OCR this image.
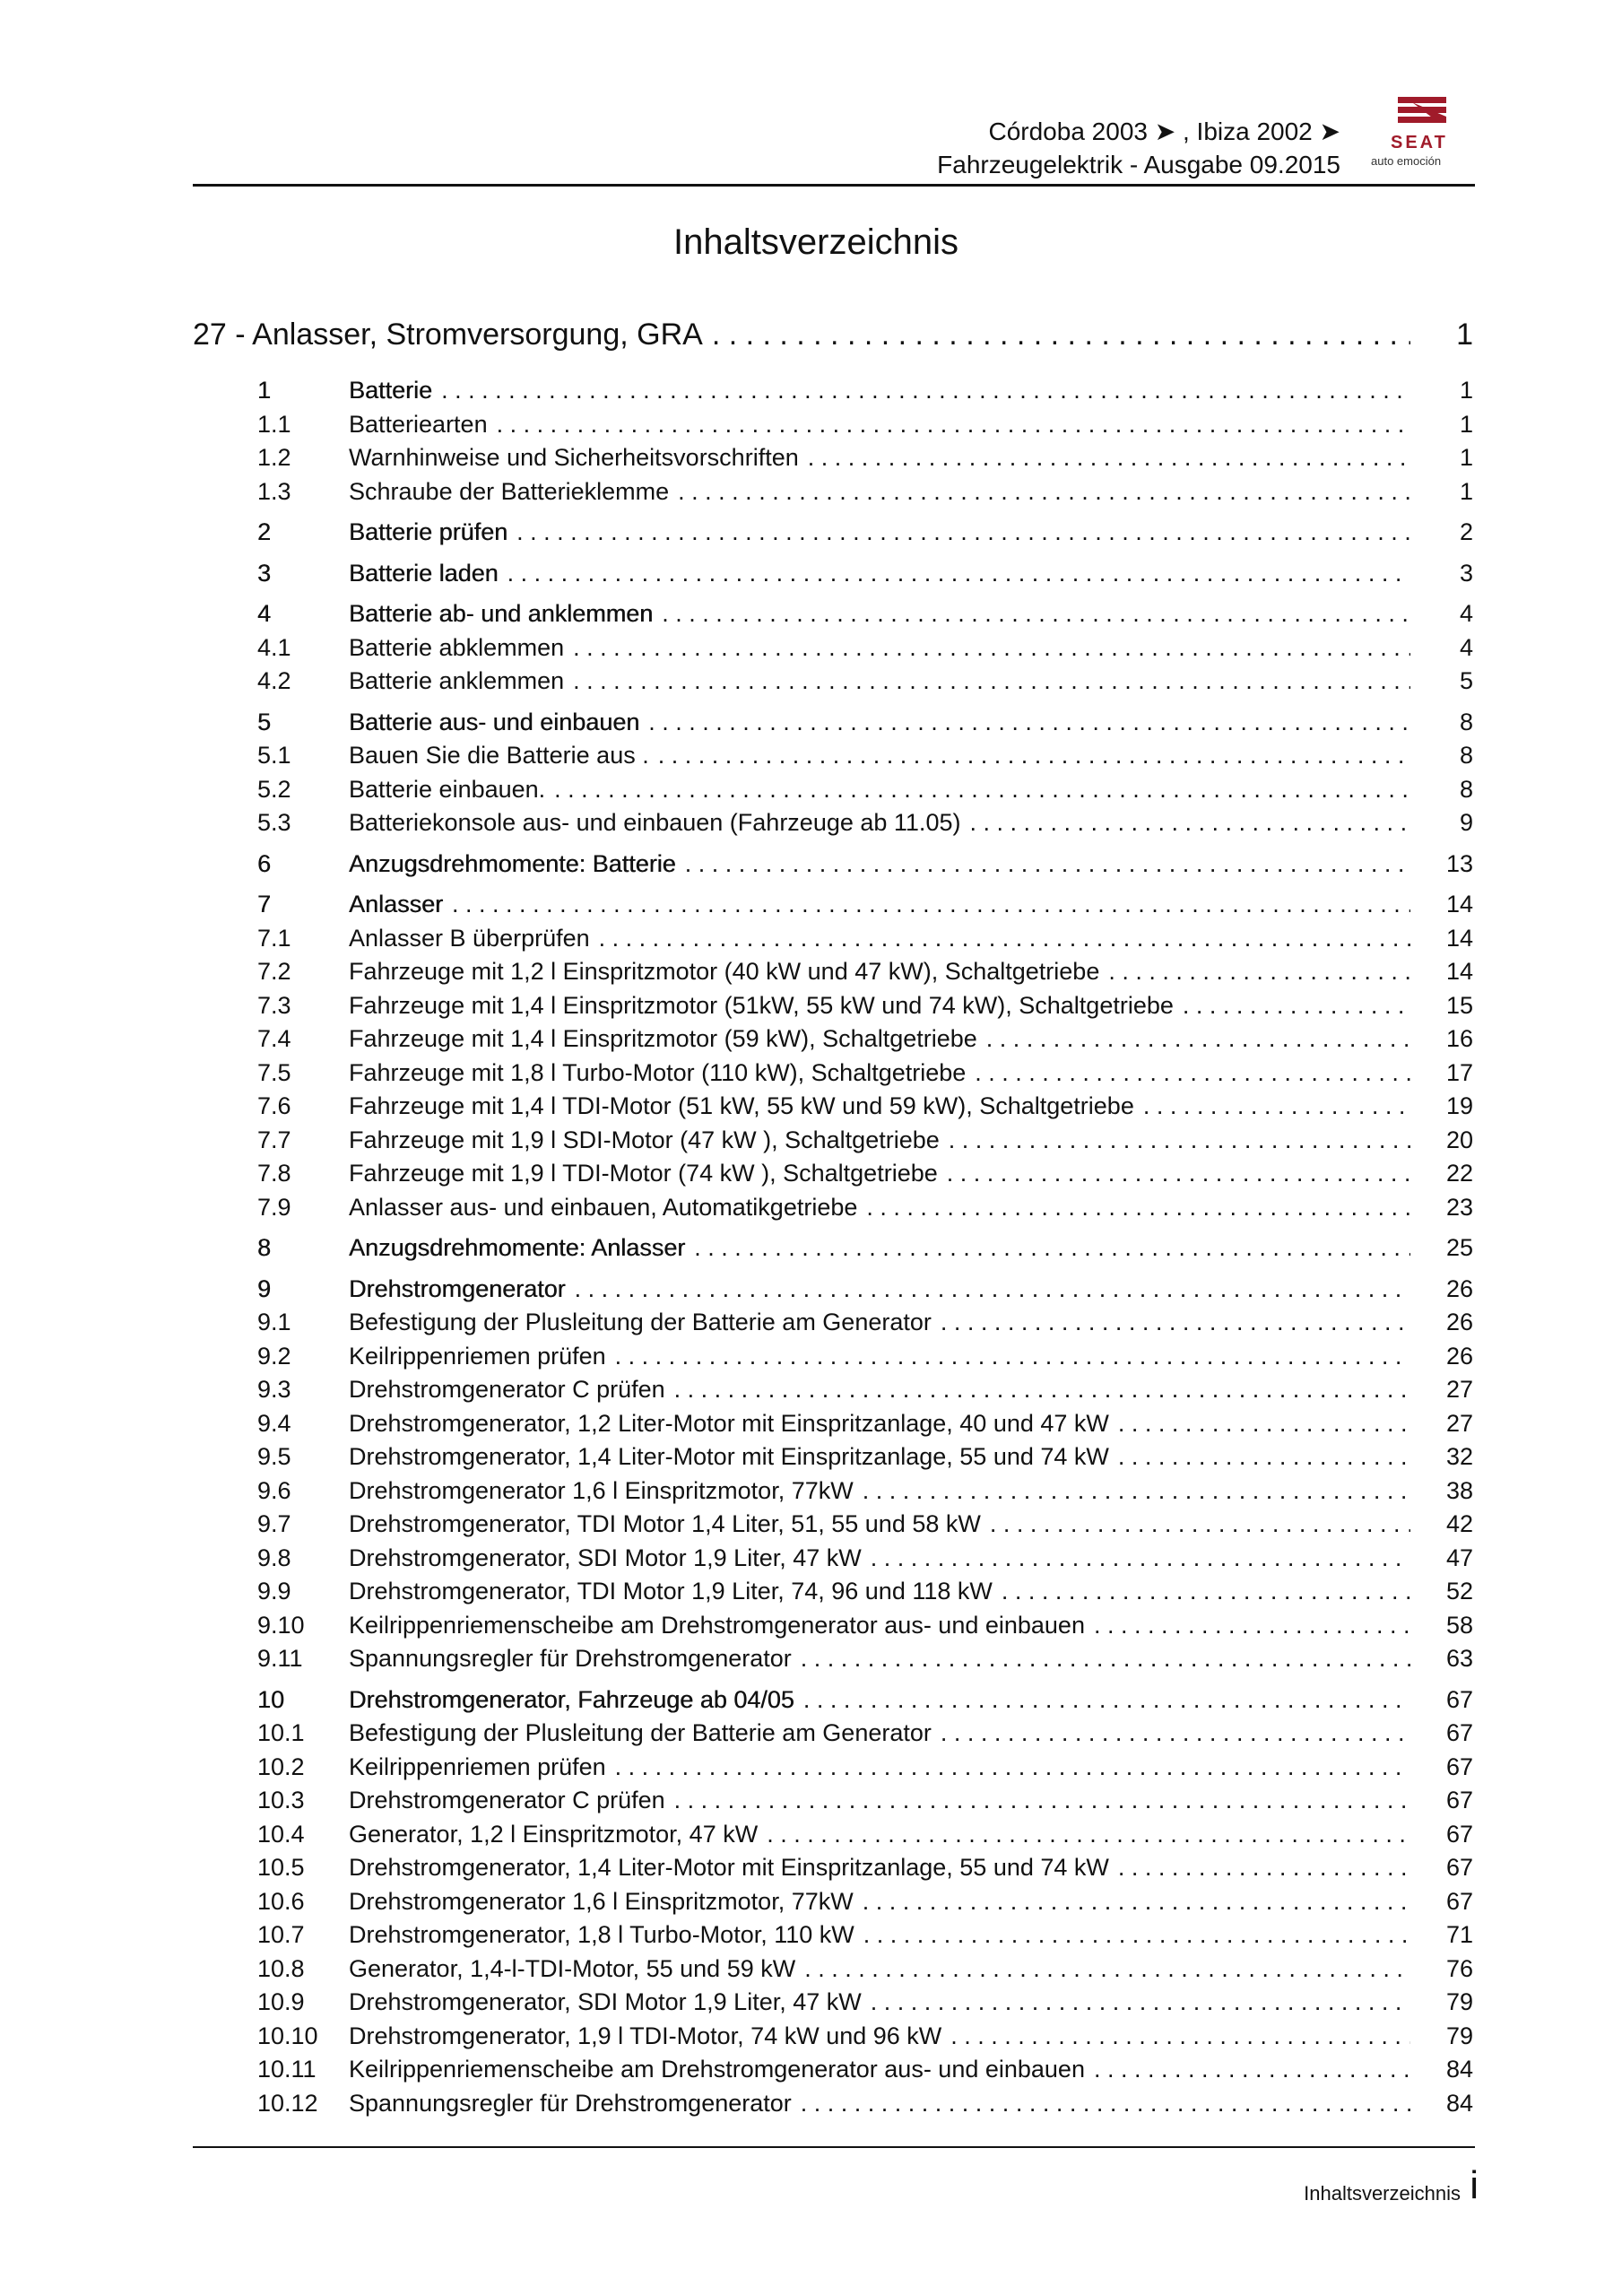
Córdoba 2003 ➤ , Ibiza 2002 ➤
Fahrzeugelektrik - Ausgabe 09.2015
SEAT
auto emoción
Inhaltsverzeichnis
27 - Anlasser, Stromversorgung, GRA . . .	1
1	Batterie . . .	1
1.1	Batteriearten . . .	1
1.2	Warnhinweise und Sicherheitsvorschriften . . .	1
1.3	Schraube der Batterieklemme . . .	1
2	Batterie prüfen . . .	2
3	Batterie laden . . .	3
4	Batterie ab- und anklemmen . . .	4
4.1	Batterie abklemmen . . .	4
4.2	Batterie anklemmen . . .	5
5	Batterie aus- und einbauen . . .	8
5.1	Bauen Sie die Batterie aus . . . .	8
5.2	Batterie einbauen. . . .	8
5.3	Batteriekonsole aus- und einbauen (Fahrzeuge ab 11.05) . . .	9
6	Anzugsdrehmomente: Batterie . . .	13
7	Anlasser . . .	14
7.1	Anlasser B überprüfen . . .	14
7.2	Fahrzeuge mit 1,2 l Einspritzmotor (40 kW und 47 kW), Schaltgetriebe . . .	14
7.3	Fahrzeuge mit 1,4 l Einspritzmotor (51kW, 55 kW und 74 kW), Schaltgetriebe . . .	15
7.4	Fahrzeuge mit 1,4 l Einspritzmotor (59 kW), Schaltgetriebe . . .	16
7.5	Fahrzeuge mit 1,8 l Turbo-Motor (110 kW), Schaltgetriebe . . .	17
7.6	Fahrzeuge mit 1,4 l TDI-Motor (51 kW, 55 kW und 59 kW), Schaltgetriebe . . .	19
7.7	Fahrzeuge mit 1,9 l SDI-Motor (47 kW ), Schaltgetriebe . . .	20
7.8	Fahrzeuge mit 1,9 l TDI-Motor (74 kW ), Schaltgetriebe . . .	22
7.9	Anlasser aus- und einbauen, Automatikgetriebe . . .	23
8	Anzugsdrehmomente: Anlasser . . .	25
9	Drehstromgenerator . . .	26
9.1	Befestigung der Plusleitung der Batterie am Generator . . .	26
9.2	Keilrippenriemen prüfen . . .	26
9.3	Drehstromgenerator C prüfen . . .	27
9.4	Drehstromgenerator, 1,2 Liter-Motor mit Einspritzanlage, 40 und 47 kW . . .	27
9.5	Drehstromgenerator, 1,4 Liter-Motor mit Einspritzanlage, 55 und 74 kW . . .	32
9.6	Drehstromgenerator 1,6 l Einspritzmotor, 77kW . . .	38
9.7	Drehstromgenerator, TDI Motor 1,4 Liter, 51, 55 und 58 kW . . .	42
9.8	Drehstromgenerator, SDI Motor 1,9 Liter, 47 kW . . .	47
9.9	Drehstromgenerator, TDI Motor 1,9 Liter, 74, 96 und 118 kW . . .	52
9.10	Keilrippenriemenscheibe am Drehstromgenerator aus- und einbauen . . .	58
9.11	Spannungsregler für Drehstromgenerator . . .	63
10	Drehstromgenerator, Fahrzeuge ab 04/05 . . .	67
10.1	Befestigung der Plusleitung der Batterie am Generator . . .	67
10.2	Keilrippenriemen prüfen . . .	67
10.3	Drehstromgenerator C prüfen . . .	67
10.4	Generator, 1,2 l Einspritzmotor, 47 kW . . .	67
10.5	Drehstromgenerator, 1,4 Liter-Motor mit Einspritzanlage, 55 und 74 kW . . .	67
10.6	Drehstromgenerator 1,6 l Einspritzmotor, 77kW . . .	67
10.7	Drehstromgenerator, 1,8 l Turbo-Motor, 110 kW . . .	71
10.8	Generator, 1,4-l-TDI-Motor, 55 und 59 kW . . .	76
10.9	Drehstromgenerator, SDI Motor 1,9 Liter, 47 kW . . .	79
10.10	Drehstromgenerator, 1,9 l TDI-Motor, 74 kW und 96 kW . . .	79
10.11	Keilrippenriemenscheibe am Drehstromgenerator aus- und einbauen . . .	84
10.12	Spannungsregler für Drehstromgenerator . . .	84
Inhaltsverzeichnis i
